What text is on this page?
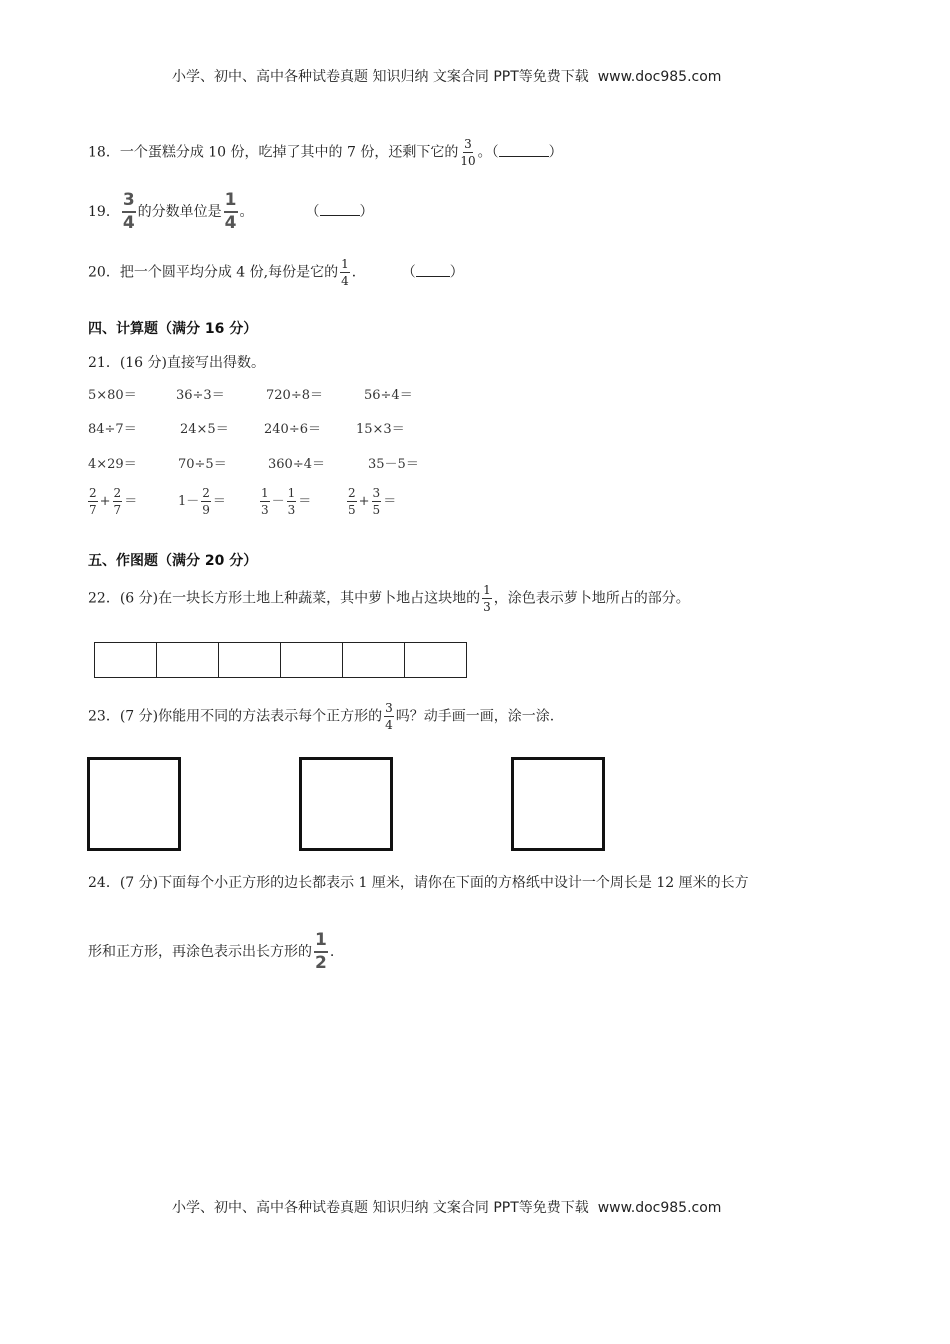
小学、初中、高中各种试卷真题 知识归纳 文案合同 PPT等免费下载 www.doc985.com
18．一个蛋糕分成 10 份，吃掉了其中的 7 份，还剩下它的 $\frac{3}{10}$ 。（	）
19． $\frac{3}{4}$ 的分数单位是 $\frac{1}{4}$ 。	（	）
20．把一个圆平均分成 4 份,每份是它的 $\frac{1}{4}$ ．	（ ）
四、计算题（满分 16 分）
21．(16 分)直接写出得数。
5×80＝	36÷3＝	720÷8＝	56÷4＝
84÷7＝	24×5＝	240÷6＝	15×3＝
4×29＝	70÷5＝	360÷4＝	35－5＝
$\frac{2}{7} + \frac{2}{7}$ ＝	$1- \frac{2}{9}$ ＝	$\frac{1}{3} - \frac{1}{3}$ ＝	$\frac{2}{5} + \frac{3}{5}$ ＝
五、作图题（满分 20 分）
22．(6 分)在一块长方形土地上种蔬菜，其中萝卜地占这块地的 $\frac{1}{3}$ ，涂色表示萝卜地所占的部分。
23．(7 分)你能用不同的方法表示每个正方形的 $\frac{3}{4}$ 吗？动手画一画，涂一涂.
24．(7 分)下面每个小正方形的边长都表示 1 厘米，请你在下面的方格纸中设计一个周长是 12 厘米的长方
形和正方形，再涂色表示出长方形的 $\frac{1}{2}$ .
小学、初中、高中各种试卷真题 知识归纳 文案合同 PPT等免费下载 www.doc985.com
